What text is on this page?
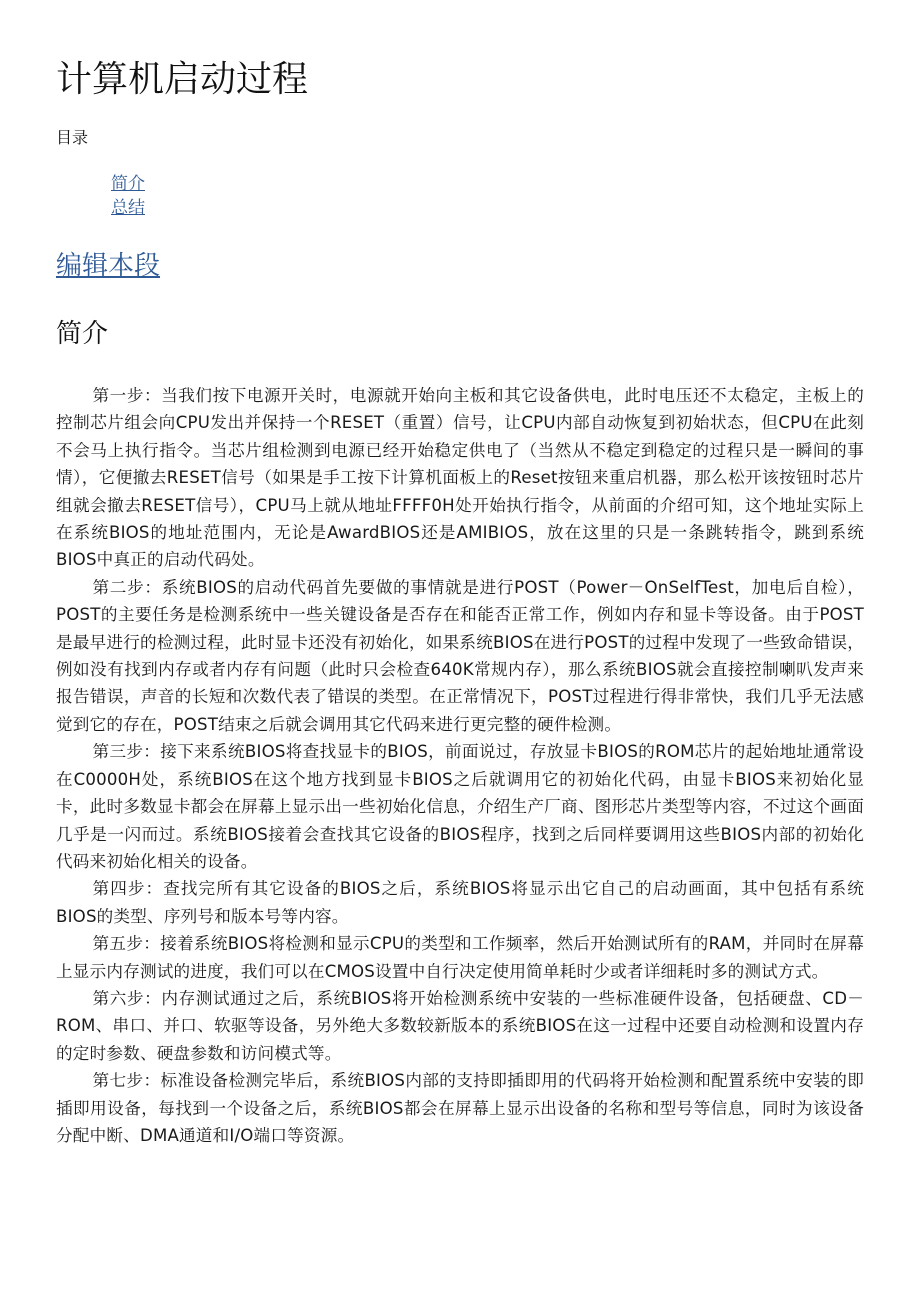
计算机启动过程
目录
简介
总结
编辑本段
简介

第一步：当我们按下电源开关时，电源就开始向主板和其它设备供电，此时电压还不太稳定，主板上的控制芯片组会向CPU发出并保持一个RESET（重置）信号，让CPU内部自动恢复到初始状态，但CPU在此刻不会马上执行指令。当芯片组检测到电源已经开始稳定供电了（当然从不稳定到稳定的过程只是一瞬间的事情），它便撤去RESET信号（如果是手工按下计算机面板上的Reset按钮来重启机器，那么松开该按钮时芯片组就会撤去RESET信号），CPU马上就从地址FFFF0H处开始执行指令，从前面的介绍可知，这个地址实际上在系统BIOS的地址范围内，无论是AwardBIOS还是AMIBIOS，放在这里的只是一条跳转指令，跳到系统BIOS中真正的启动代码处。

第二步：系统BIOS的启动代码首先要做的事情就是进行POST（Power－OnSelfTest，加电后自检），POST的主要任务是检测系统中一些关键设备是否存在和能否正常工作，例如内存和显卡等设备。由于POST是最早进行的检测过程，此时显卡还没有初始化，如果系统BIOS在进行POST的过程中发现了一些致命错误，例如没有找到内存或者内存有问题（此时只会检查640K常规内存），那么系统BIOS就会直接控制喇叭发声来报告错误，声音的长短和次数代表了错误的类型。在正常情况下，POST过程进行得非常快，我们几乎无法感觉到它的存在，POST结束之后就会调用其它代码来进行更完整的硬件检测。

第三步：接下来系统BIOS将查找显卡的BIOS，前面说过，存放显卡BIOS的ROM芯片的起始地址通常设在C0000H处，系统BIOS在这个地方找到显卡BIOS之后就调用它的初始化代码，由显卡BIOS来初始化显卡，此时多数显卡都会在屏幕上显示出一些初始化信息，介绍生产厂商、图形芯片类型等内容，不过这个画面几乎是一闪而过。系统BIOS接着会查找其它设备的BIOS程序，找到之后同样要调用这些BIOS内部的初始化代码来初始化相关的设备。

第四步：查找完所有其它设备的BIOS之后，系统BIOS将显示出它自己的启动画面，其中包括有系统BIOS的类型、序列号和版本号等内容。

第五步：接着系统BIOS将检测和显示CPU的类型和工作频率，然后开始测试所有的RAM，并同时在屏幕上显示内存测试的进度，我们可以在CMOS设置中自行决定使用简单耗时少或者详细耗时多的测试方式。

第六步：内存测试通过之后，系统BIOS将开始检测系统中安装的一些标准硬件设备，包括硬盘、CD－ROM、串口、并口、软驱等设备，另外绝大多数较新版本的系统BIOS在这一过程中还要自动检测和设置内存的定时参数、硬盘参数和访问模式等。

第七步：标准设备检测完毕后，系统BIOS内部的支持即插即用的代码将开始检测和配置系统中安装的即插即用设备，每找到一个设备之后，系统BIOS都会在屏幕上显示出设备的名称和型号等信息，同时为该设备分配中断、DMA通道和I/O端口等资源。
